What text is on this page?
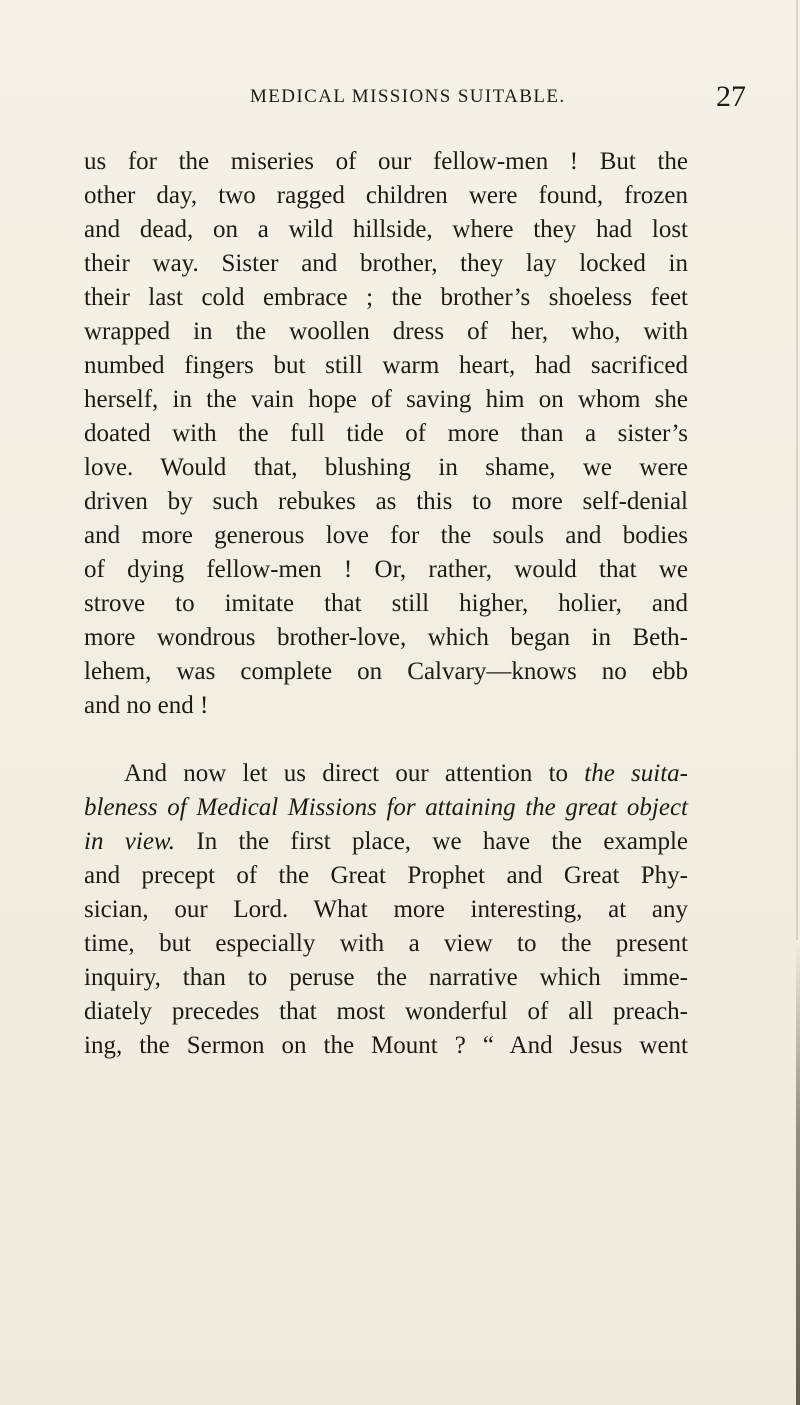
MEDICAL MISSIONS SUITABLE.	27
us for the miseries of our fellow-men ! But the
other day, two ragged children were found, frozen
and dead, on a wild hillside, where they had lost
their way. Sister and brother, they lay locked in
their last cold embrace ; the brother’s shoeless feet
wrapped in the woollen dress of her, who, with
numbed fingers but still warm heart, had sacrificed
herself, in the vain hope of saving him on whom she
doated with the full tide of more than a sister’s
love. Would that, blushing in shame, we were
driven by such rebukes as this to more self-denial
and more generous love for the souls and bodies
of dying fellow-men ! Or, rather, would that we
strove to imitate that still higher, holier, and
more wondrous brother-love, which began in Beth-
lehem, was complete on Calvary—knows no ebb
and no end !
And now let us direct our attention to the suita-
bleness of Medical Missions for attaining the great object
in view. In the first place, we have the example
and precept of the Great Prophet and Great Phy-
sician, our Lord. What more interesting, at any
time, but especially with a view to the present
inquiry, than to peruse the narrative which imme-
diately precedes that most wonderful of all preach-
ing, the Sermon on the Mount ? “ And Jesus went
